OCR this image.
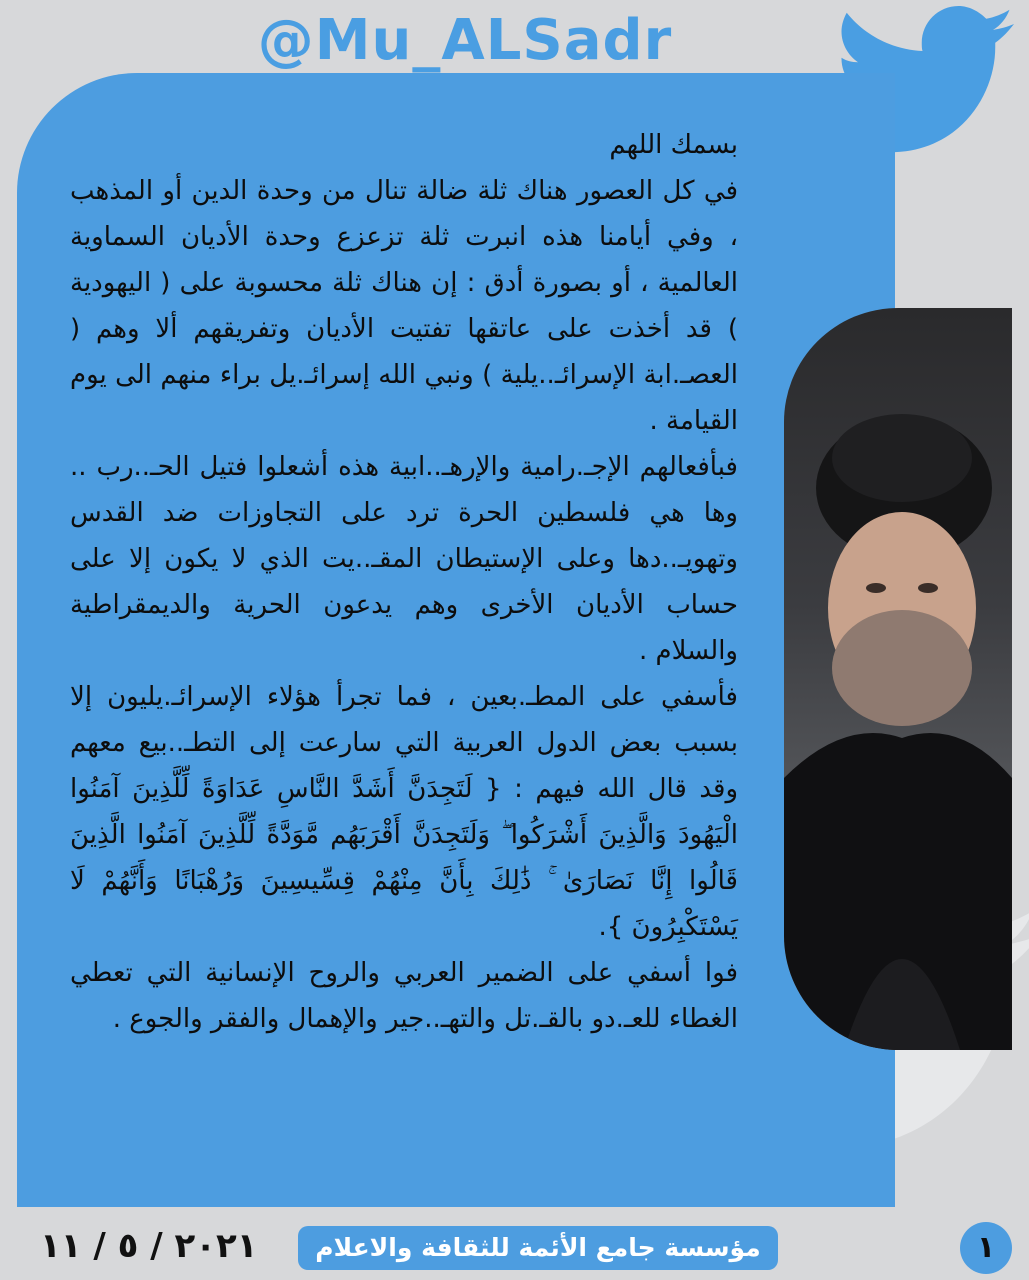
@Mu_ALSadr

بسمك اللهم

في كل العصور هناك ثلة ضالة تنال من وحدة الدين أو المذهب ، وفي أيامنا هذه انبرت ثلة تزعزع وحدة الأديان السماوية العالمية ، أو بصورة أدق : إن هناك ثلة محسوبة على ( اليهودية ) قد أخذت على عاتقها تفتيت الأديان وتفريقهم ألا وهم ( العصـ.ابة الإسرائـ..يلية ) ونبي الله إسرائـ.يل براء منهم الى يوم القيامة .

فبأفعالهم الإجـ.رامية والإرهـ..ابية هذه أشعلوا فتيل الحـ..رب .. وها هي فلسطين الحرة ترد على التجاوزات ضد القدس وتهويـ..دها وعلى الإستيطان المقـ..يت الذي لا يكون إلا على حساب الأديان الأخرى وهم يدعون الحرية والديمقراطية والسلام .

فأسفي على المطـ.بعين ، فما تجرأ هؤلاء الإسرائـ.يليون إلا بسبب بعض الدول العربية التي سارعت إلى التطـ..بيع معهم وقد قال الله فيهم : { لَتَجِدَنَّ أَشَدَّ النَّاسِ عَدَاوَةً لِّلَّذِينَ آمَنُوا الْيَهُودَ وَالَّذِينَ أَشْرَكُوا ۖ وَلَتَجِدَنَّ أَقْرَبَهُم مَّوَدَّةً لِّلَّذِينَ آمَنُوا الَّذِينَ قَالُوا إِنَّا نَصَارَىٰ ۚ ذَٰلِكَ بِأَنَّ مِنْهُمْ قِسِّيسِينَ وَرُهْبَانًا وَأَنَّهُمْ لَا يَسْتَكْبِرُونَ }.

فوا أسفي على الضمير العربي والروح الإنسانية التي تعطي الغطاء للعـ.دو بالقـ.تل والتهـ..جير والإهمال والفقر والجوع .

٢٠٢١ / ٥ / ١١	مؤسسة جامع الأئمة للثقافة والاعلام	١
